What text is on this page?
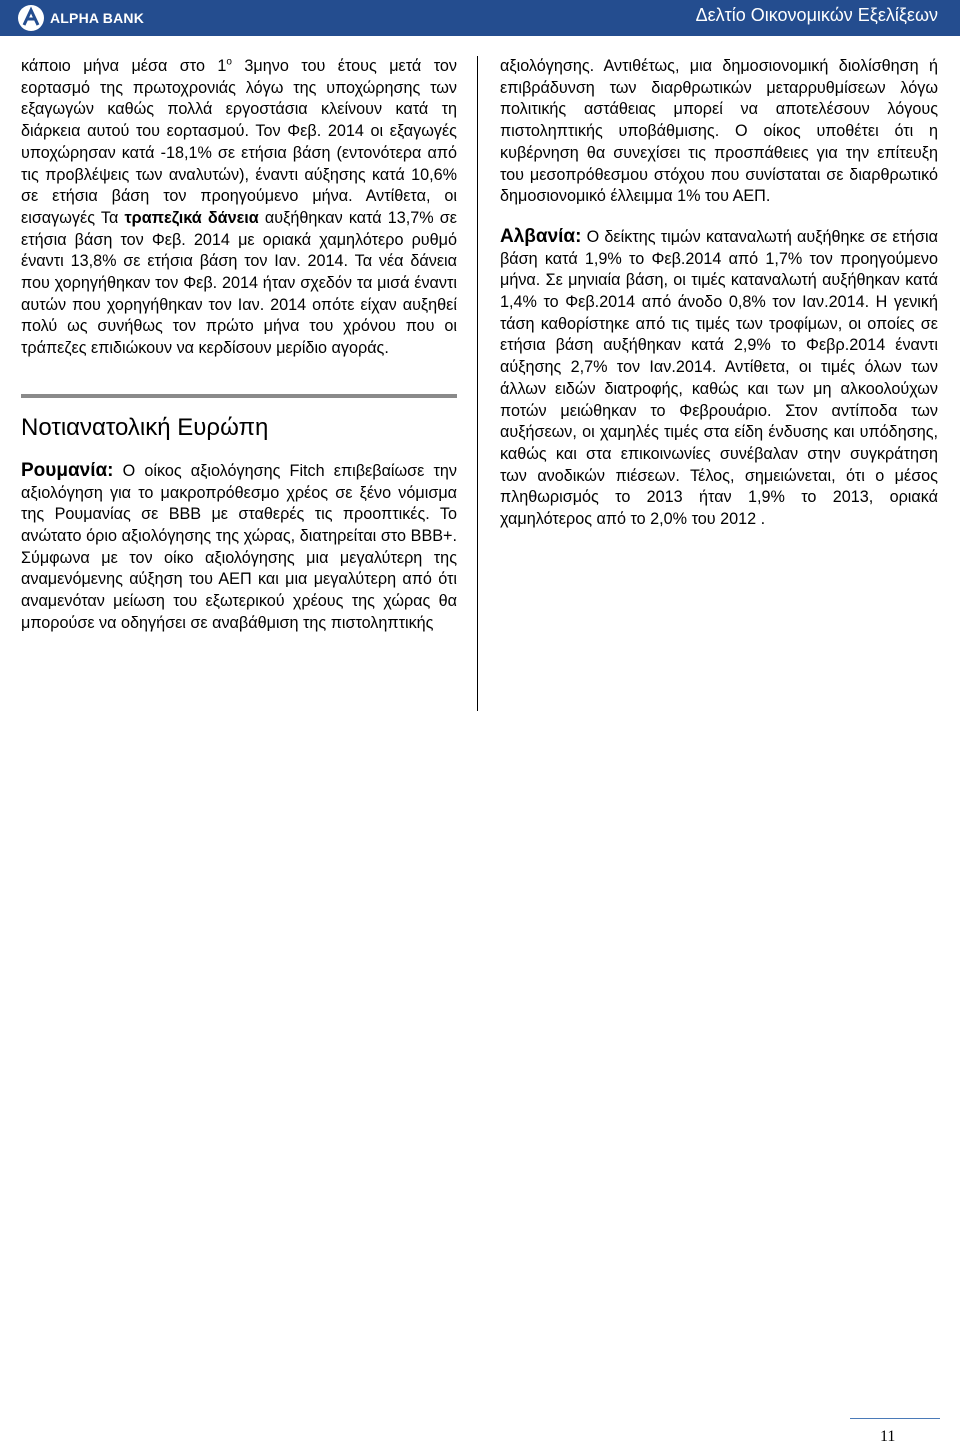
ALPHA BANK	Δελτίο Οικονομικών Εξελίξεων

κάποιο μήνα μέσα στο $1^o$ 3μηνο του έτους μετά τον εορτασμό της πρωτοχρονιάς λόγω της υποχώρησης των εξαγωγών καθώς πολλά εργοστάσια κλείνουν κατά τη διάρκεια αυτού του εορτασμού. Τον Φεβ. 2014 οι εξαγωγές υποχώρησαν κατά -18,1% σε ετήσια βάση (εντονότερα από τις προβλέψεις των αναλυτών), έναντι αύξησης κατά 10,6% σε ετήσια βάση τον προηγούμενο μήνα. Αντίθετα, οι εισαγωγές Τα τραπεζικά δάνεια αυξήθηκαν κατά 13,7% σε ετήσια βάση τον Φεβ. 2014 με οριακά χαμηλότερο ρυθμό έναντι 13,8% σε ετήσια βάση τον Ιαν. 2014. Τα νέα δάνεια που χορηγήθηκαν τον Φεβ. 2014 ήταν σχεδόν τα μισά έναντι αυτών που χορηγήθηκαν τον Ιαν. 2014 οπότε είχαν αυξηθεί πολύ ως συνήθως τον πρώτο μήνα του χρόνου που οι τράπεζες επιδιώκουν να κερδίσουν μερίδιο αγοράς.

Νοτιανατολική Ευρώπη

Ρουμανία: Ο οίκος αξιολόγησης Fitch επιβεβαίωσε την αξιολόγηση για το μακροπρόθεσμο χρέος σε ξένο νόμισμα της Ρουμανίας σε BBB με σταθερές τις προοπτικές. Το ανώτατο όριο αξιολόγησης της χώρας, διατηρείται στο BBB+. Σύμφωνα με τον οίκο αξιολόγησης μια μεγαλύτερη της αναμενόμενης αύξηση του ΑΕΠ και μια μεγαλύτερη από ότι αναμενόταν μείωση του εξωτερικού χρέους της χώρας θα μπορούσε να οδηγήσει σε αναβάθμιση της πιστοληπτικής

αξιολόγησης. Αντιθέτως, μια δημοσιονομική διολίσθηση ή επιβράδυνση των διαρθρωτικών μεταρρυθμίσεων λόγω πολιτικής αστάθειας μπορεί να αποτελέσουν λόγους πιστοληπτικής υποβάθμισης. Ο οίκος υποθέτει ότι η κυβέρνηση θα συνεχίσει τις προσπάθειες για την επίτευξη του μεσοπρόθεσμου στόχου που συνίσταται σε διαρθρωτικό δημοσιονομικό έλλειμμα 1% του ΑΕΠ.

Αλβανία: Ο δείκτης τιμών καταναλωτή αυξήθηκε σε ετήσια βάση κατά 1,9% το Φεβ.2014 από 1,7% τον προηγούμενο μήνα. Σε μηνιαία βάση, οι τιμές καταναλωτή αυξήθηκαν κατά 1,4% το Φεβ.2014 από άνοδο 0,8% τον Ιαν.2014. Η γενική τάση καθορίστηκε από τις τιμές των τροφίμων, οι οποίες σε ετήσια βάση αυξήθηκαν κατά 2,9% το Φεβρ.2014 έναντι αύξησης 2,7% τον Ιαν.2014. Αντίθετα, οι τιμές όλων των άλλων ειδών διατροφής, καθώς και των μη αλκοολούχων ποτών μειώθηκαν το Φεβρουάριο. Στον αντίποδα των αυξήσεων, οι χαμηλές τιμές στα είδη ένδυσης και υπόδησης, καθώς και στα επικοινωνίες συνέβαλαν στην συγκράτηση των ανοδικών πιέσεων. Τέλος, σημειώνεται, ότι ο μέσος πληθωρισμός το 2013 ήταν 1,9% το 2013, οριακά χαμηλότερος από το 2,0% του 2012 .

11
